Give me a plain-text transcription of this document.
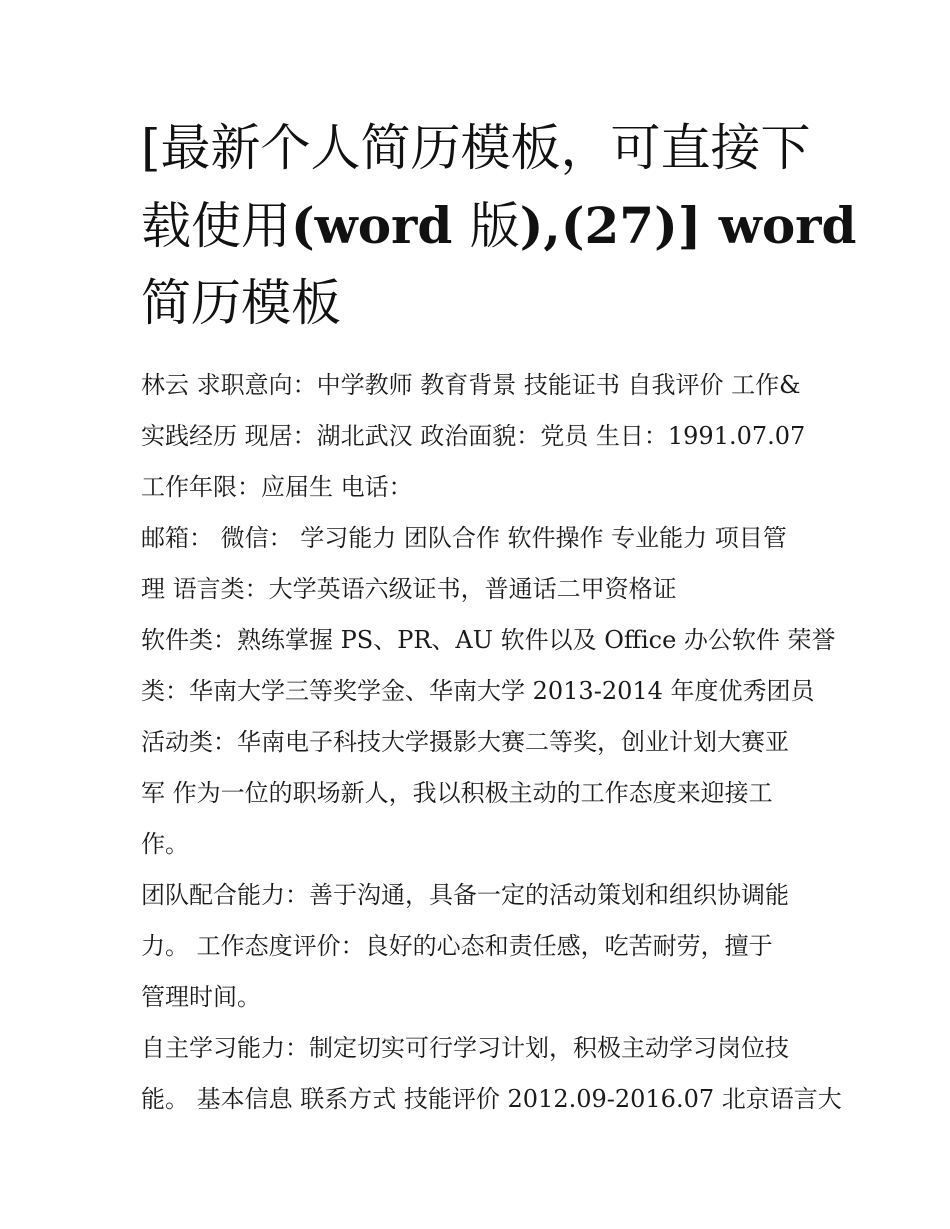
[最新个人简历模板，可直接下
载使用(word 版),(27)] word
简历模板

林云 求职意向：中学教师 教育背景 技能证书 自我评价 工作&
实践经历 现居：湖北武汉 政治面貌：党员 生日：1991.07.07
工作年限：应届生 电话：

邮箱： 微信： 学习能力 团队合作 软件操作 专业能力 项目管
理 语言类：大学英语六级证书，普通话二甲资格证

软件类：熟练掌握 PS、PR、AU 软件以及 Office 办公软件 荣誉
类：华南大学三等奖学金、华南大学 2013-2014 年度优秀团员

活动类：华南电子科技大学摄影大赛二等奖，创业计划大赛亚
军 作为一位的职场新人，我以积极主动的工作态度来迎接工
作。

团队配合能力：善于沟通，具备一定的活动策划和组织协调能
力。 工作态度评价：良好的心态和责任感，吃苦耐劳，擅于
管理时间。

自主学习能力：制定切实可行学习计划，积极主动学习岗位技
能。 基本信息 联系方式 技能评价 2012.09-2016.07 北京语言大
